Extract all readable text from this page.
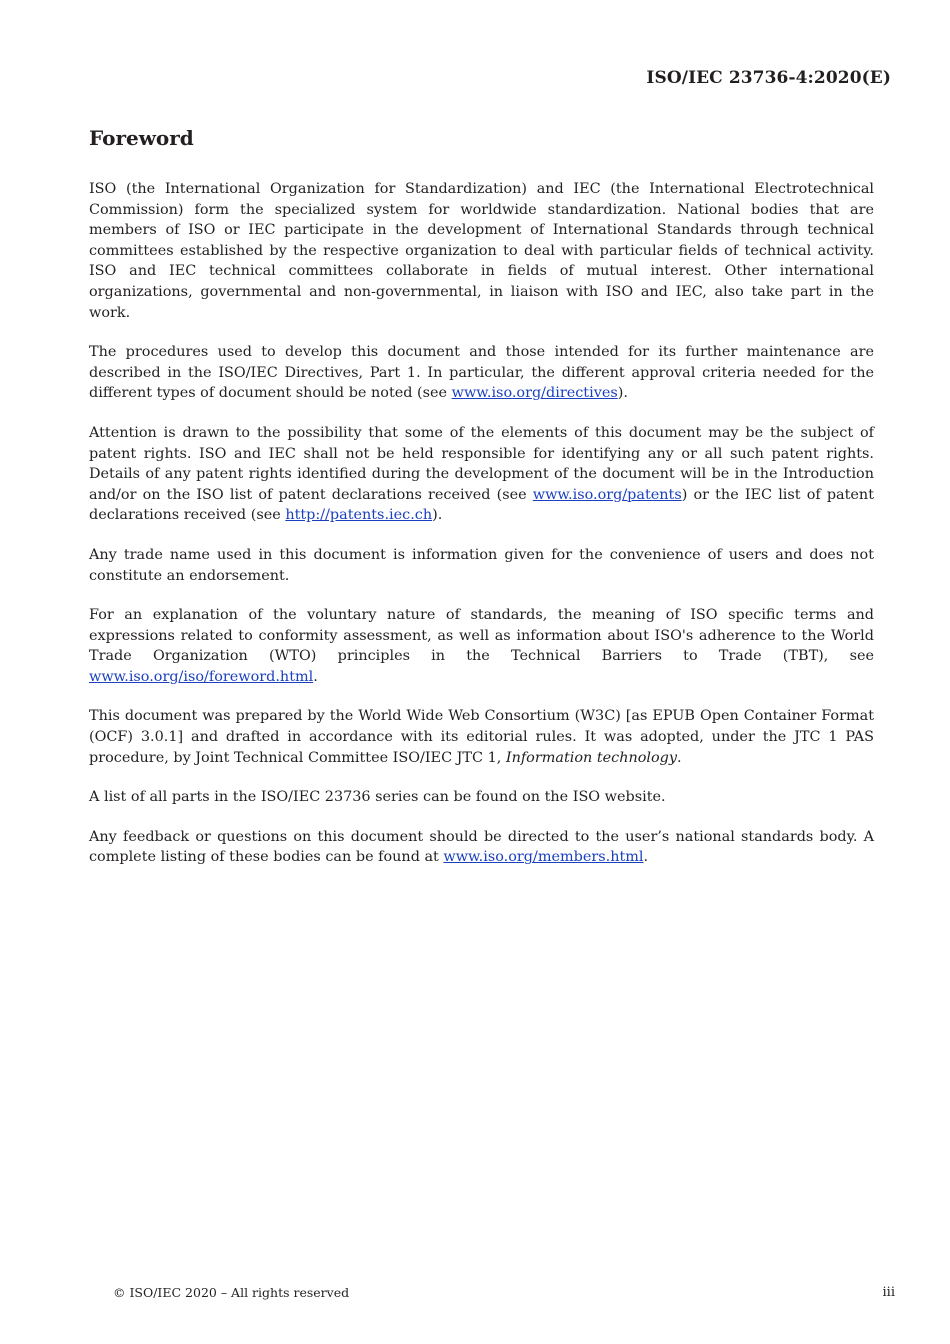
ISO/IEC 23736-4:2020(E)
Foreword

ISO (the International Organization for Standardization) and IEC (the International Electrotechnical Commission) form the specialized system for worldwide standardization. National bodies that are members of ISO or IEC participate in the development of International Standards through technical committees established by the respective organization to deal with particular fields of technical activity. ISO and IEC technical committees collaborate in fields of mutual interest. Other international organizations, governmental and non-governmental, in liaison with ISO and IEC, also take part in the work.

The procedures used to develop this document and those intended for its further maintenance are described in the ISO/IEC Directives, Part 1. In particular, the different approval criteria needed for the different types of document should be noted (see www.iso.org/directives).

Attention is drawn to the possibility that some of the elements of this document may be the subject of patent rights. ISO and IEC shall not be held responsible for identifying any or all such patent rights. Details of any patent rights identified during the development of the document will be in the Introduction and/or on the ISO list of patent declarations received (see www.iso.org/patents) or the IEC list of patent declarations received (see http://patents.iec.ch).

Any trade name used in this document is information given for the convenience of users and does not constitute an endorsement.

For an explanation of the voluntary nature of standards, the meaning of ISO specific terms and expressions related to conformity assessment, as well as information about ISO's adherence to the World Trade Organization (WTO) principles in the Technical Barriers to Trade (TBT), see www.iso.org/iso/foreword.html.

This document was prepared by the World Wide Web Consortium (W3C) [as EPUB Open Container Format (OCF) 3.0.1] and drafted in accordance with its editorial rules. It was adopted, under the JTC 1 PAS procedure, by Joint Technical Committee ISO/IEC JTC 1, Information technology.

A list of all parts in the ISO/IEC 23736 series can be found on the ISO website.

Any feedback or questions on this document should be directed to the user’s national standards body. A complete listing of these bodies can be found at www.iso.org/members.html.

© ISO/IEC 2020 – All rights reserved	iii
